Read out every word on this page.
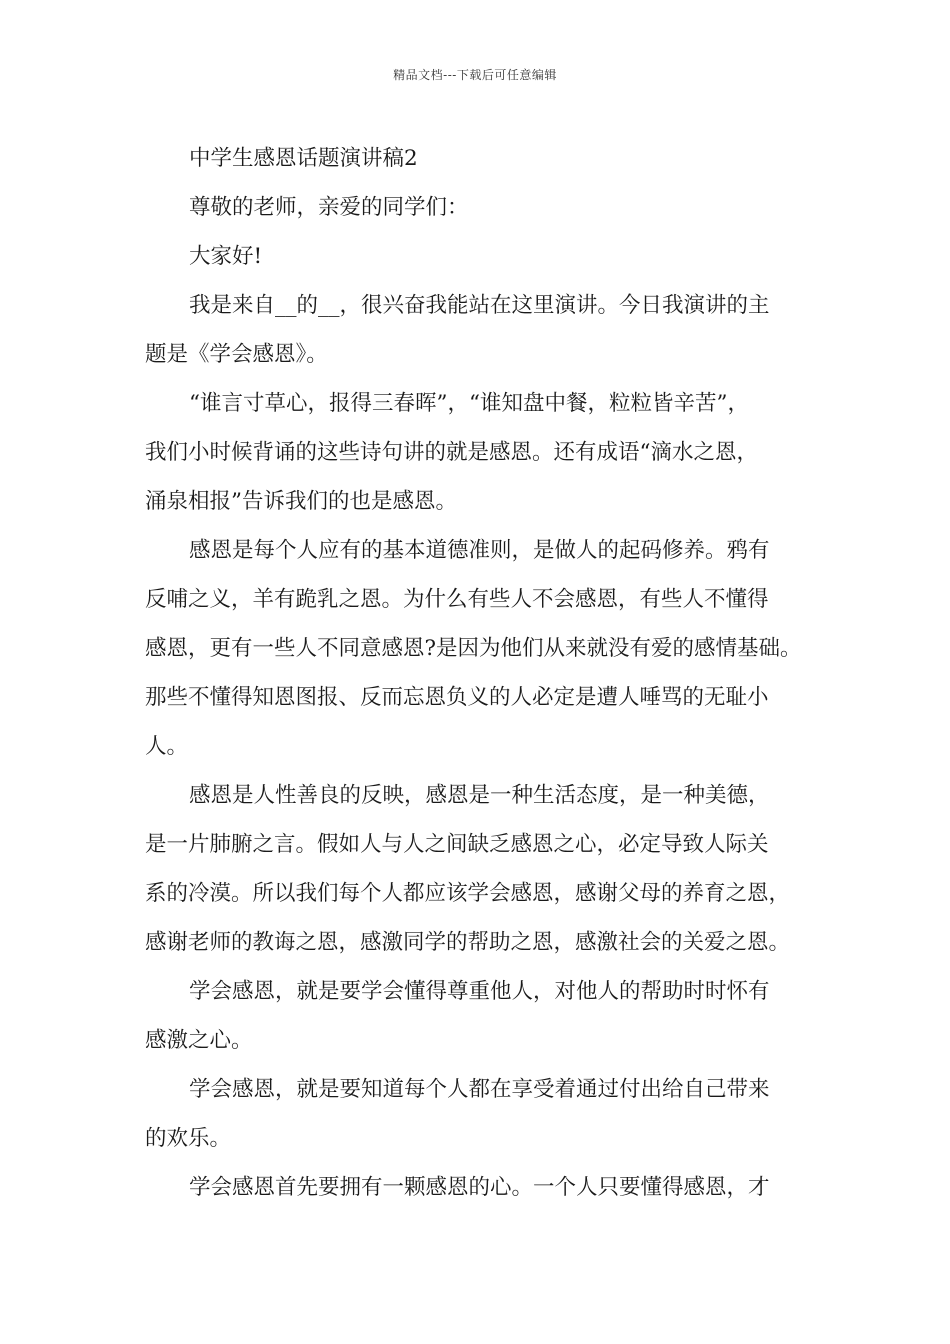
精品文档---下载后可任意编辑
中学生感恩话题演讲稿2
尊敬的老师，亲爱的同学们：
大家好!
我是来自__的__，很兴奋我能站在这里演讲。今日我演讲的主
题是《学会感恩》。
“谁言寸草心，报得三春晖”，“谁知盘中餐，粒粒皆辛苦”，
我们小时候背诵的这些诗句讲的就是感恩。还有成语“滴水之恩，
涌泉相报”告诉我们的也是感恩。
感恩是每个人应有的基本道德准则，是做人的起码修养。鸦有
反哺之义，羊有跪乳之恩。为什么有些人不会感恩，有些人不懂得
感恩，更有一些人不同意感恩?是因为他们从来就没有爱的感情基础。
那些不懂得知恩图报、反而忘恩负义的人必定是遭人唾骂的无耻小
人。
感恩是人性善良的反映，感恩是一种生活态度，是一种美德，
是一片肺腑之言。假如人与人之间缺乏感恩之心，必定导致人际关
系的冷漠。所以我们每个人都应该学会感恩，感谢父母的养育之恩，
感谢老师的教诲之恩，感激同学的帮助之恩，感激社会的关爱之恩。
学会感恩，就是要学会懂得尊重他人，对他人的帮助时时怀有
感激之心。
学会感恩，就是要知道每个人都在享受着通过付出给自己带来
的欢乐。
学会感恩首先要拥有一颗感恩的心。一个人只要懂得感恩，才
